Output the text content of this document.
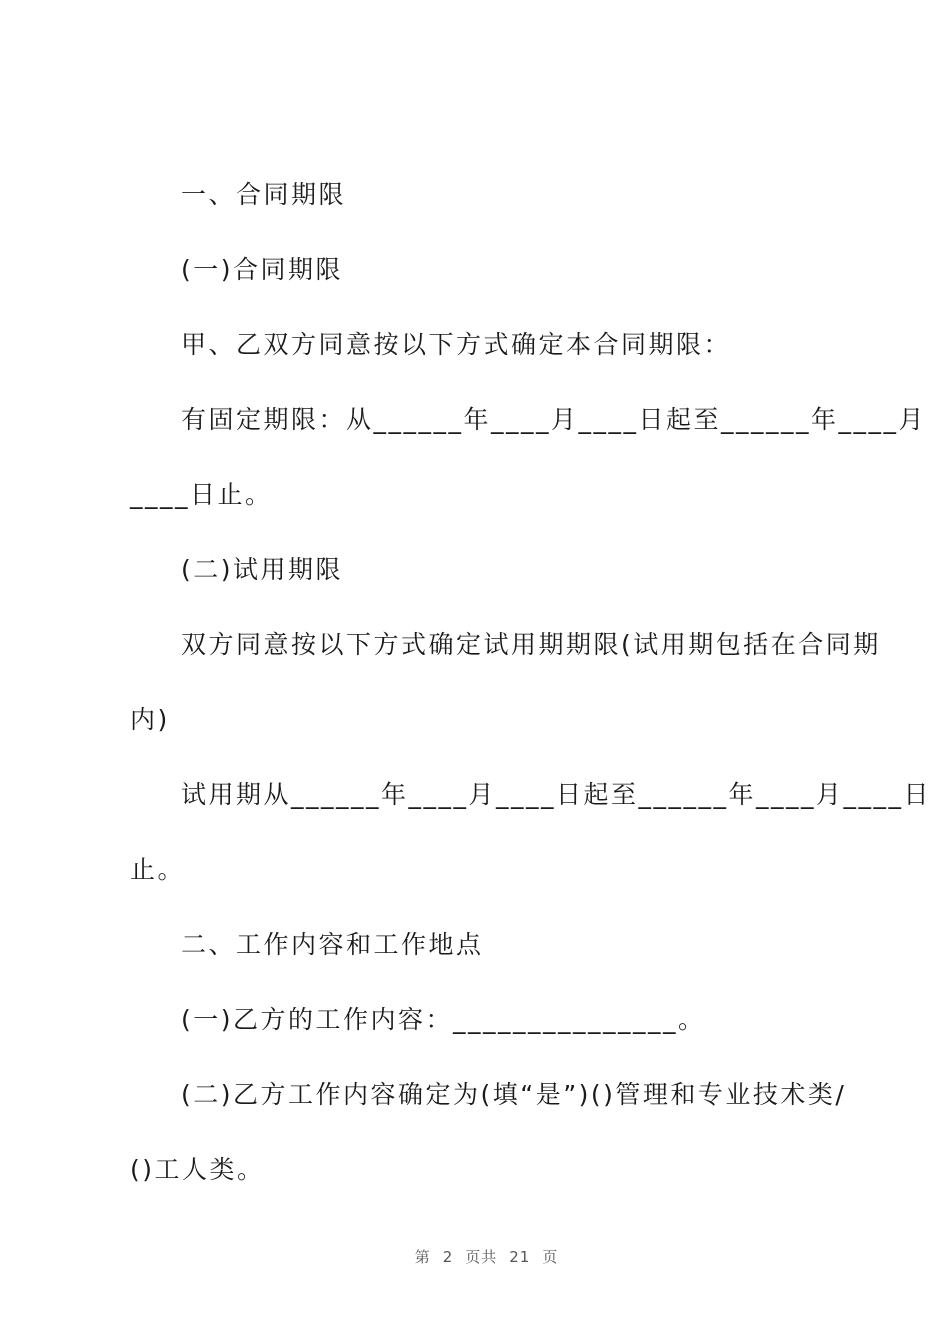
一、合同期限

(一)合同期限

甲、乙双方同意按以下方式确定本合同期限：

有固定期限：从______年____月____日起至______年____月

____日止。

(二)试用期限

双方同意按以下方式确定试用期期限(试用期包括在合同期

内)

试用期从______年____月____日起至______年____月____日

止。

二、工作内容和工作地点

(一)乙方的工作内容：_______________。

(二)乙方工作内容确定为(填“是”)()管理和专业技术类/

()工人类。

第 2 页共 21 页
